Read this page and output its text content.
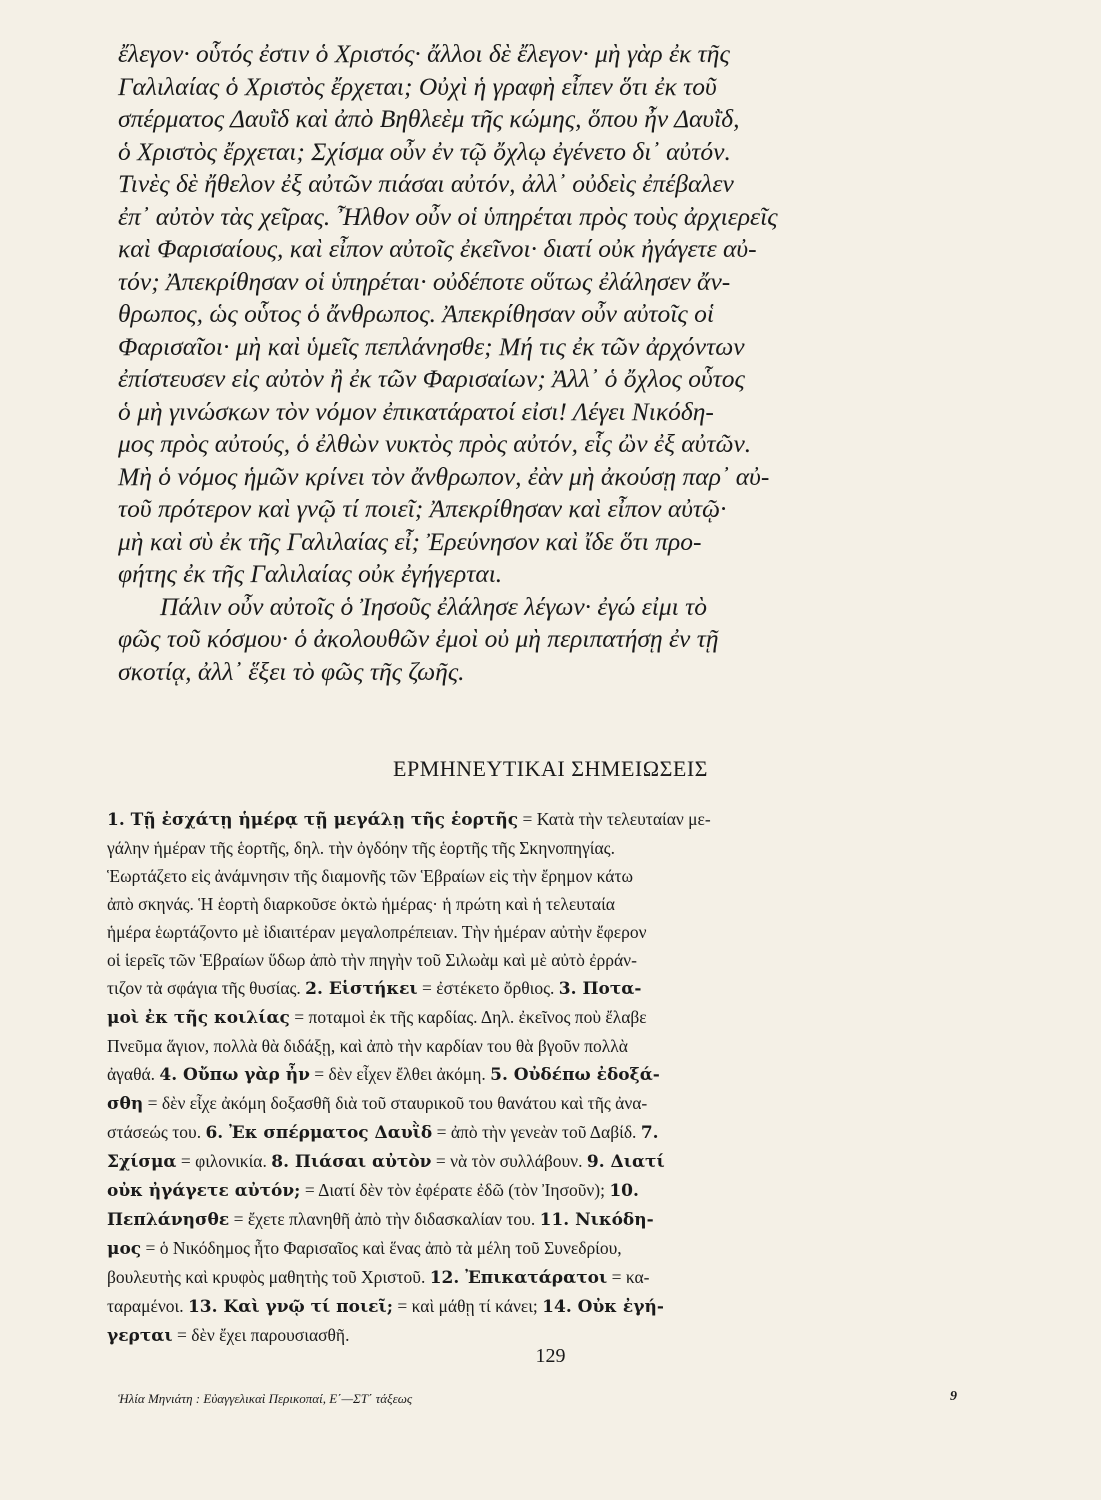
ἔλεγον· οὗτός ἐστιν ὁ Χριστός· ἄλλοι δὲ ἔλεγον· μὴ γὰρ ἐκ τῆς
Γαλιλαίας ὁ Χριστὸς ἔρχεται; Οὐχὶ ἡ γραφὴ εἶπεν ὅτι ἐκ τοῦ
σπέρματος Δαυῒδ καὶ ἀπὸ Βηθλεὲμ τῆς κώμης, ὅπου ἦν Δαυῒδ,
ὁ Χριστὸς ἔρχεται; Σχίσμα οὖν ἐν τῷ ὄχλῳ ἐγένετο δι᾿ αὐτόν.
Τινὲς δὲ ἤθελον ἐξ αὐτῶν πιάσαι αὐτόν, ἀλλ᾿ οὐδεὶς ἐπέβαλεν
ἐπ᾿ αὐτὸν τὰς χεῖρας. Ἦλθον οὖν οἱ ὑπηρέται πρὸς τοὺς ἀρχιερεῖς
καὶ Φαρισαίους, καὶ εἶπον αὐτοῖς ἐκεῖνοι· διατί οὐκ ἠγάγετε αὐ-
τόν; Ἀπεκρίθησαν οἱ ὑπηρέται· οὐδέποτε οὕτως ἐλάλησεν ἄν-
θρωπος, ὡς οὗτος ὁ ἄνθρωπος. Ἀπεκρίθησαν οὖν αὐτοῖς οἱ
Φαρισαῖοι· μὴ καὶ ὑμεῖς πεπλάνησθε; Μή τις ἐκ τῶν ἀρχόντων
ἐπίστευσεν εἰς αὐτὸν ἢ ἐκ τῶν Φαρισαίων; Ἀλλ᾿ ὁ ὄχλος οὗτος
ὁ μὴ γινώσκων τὸν νόμον ἐπικατάρατοί εἰσι! Λέγει Νικόδη-
μος πρὸς αὐτούς, ὁ ἐλθὼν νυκτὸς πρὸς αὐτόν, εἷς ὢν ἐξ αὐτῶν.
Μὴ ὁ νόμος ἡμῶν κρίνει τὸν ἄνθρωπον, ἐὰν μὴ ἀκούσῃ παρ᾿ αὐ-
τοῦ πρότερον καὶ γνῷ τί ποιεῖ; Ἀπεκρίθησαν καὶ εἶπον αὐτῷ·
μὴ καὶ σὺ ἐκ τῆς Γαλιλαίας εἶ; Ἐρεύνησον καὶ ἴδε ὅτι προ-
φήτης ἐκ τῆς Γαλιλαίας οὐκ ἐγήγερται.
Πάλιν οὖν αὐτοῖς ὁ Ἰησοῦς ἐλάλησε λέγων· ἐγώ εἰμι τὸ
φῶς τοῦ κόσμου· ὁ ἀκολουθῶν ἐμοὶ οὐ μὴ περιπατήσῃ ἐν τῇ
σκοτίᾳ, ἀλλ᾿ ἕξει τὸ φῶς τῆς ζωῆς.
ΕΡΜΗΝΕΥΤΙΚΑΙ ΣΗΜΕΙΩΣΕΙΣ
1. Τῇ ἐσχάτῃ ἡμέρᾳ τῇ μεγάλῃ τῆς ἑορτῆς = Κατὰ τὴν τελευταίαν με-
γάλην ἡμέραν τῆς ἑορτῆς, δηλ. τὴν ὀγδόην τῆς ἑορτῆς τῆς Σκηνοπηγίας.
Ἑωρτάζετο εἰς ἀνάμνησιν τῆς διαμονῆς τῶν Ἑβραίων εἰς τὴν ἔρημον κάτω
ἀπὸ σκηνάς. Ἡ ἑορτὴ διαρκοῦσε ὀκτὼ ἡμέρας· ἡ πρώτη καὶ ἡ τελευταία
ἡμέρα ἑωρτάζοντο μὲ ἰδιαιτέραν μεγαλοπρέπειαν. Τὴν ἡμέραν αὐτὴν ἔφερον
οἱ ἱερεῖς τῶν Ἑβραίων ὕδωρ ἀπὸ τὴν πηγὴν τοῦ Σιλωὰμ καὶ μὲ αὐτὸ ἐρράν-
τιζον τὰ σφάγια τῆς θυσίας. 2. Εἱστήκει = ἐστέκετο ὄρθιος. 3. Ποτα-
μοὶ ἐκ τῆς κοιλίας = ποταμοὶ ἐκ τῆς καρδίας. Δηλ. ἐκεῖνος ποὺ ἔλαβε
Πνεῦμα ἅγιον, πολλὰ θὰ διδάξῃ, καὶ ἀπὸ τὴν καρδίαν του θὰ βγοῦν πολλὰ
ἀγαθά. 4. Οὔπω γὰρ ἦν = δὲν εἶχεν ἔλθει ἀκόμη. 5. Οὐδέπω ἐδοξά-
σθη = δὲν εἶχε ἀκόμη δοξασθῆ διὰ τοῦ σταυρικοῦ του θανάτου καὶ τῆς ἀνα-
στάσεώς του. 6. Ἐκ σπέρματος Δαυῒδ = ἀπὸ τὴν γενεὰν τοῦ Δαβίδ. 7.
Σχίσμα = φιλονικία. 8. Πιάσαι αὐτὸν = νὰ τὸν συλλάβουν. 9. Διατί
οὐκ ἠγάγετε αὐτόν; = Διατί δὲν τὸν ἐφέρατε ἐδῶ (τὸν Ἰησοῦν); 10.
Πεπλάνησθε = ἔχετε πλανηθῆ ἀπὸ τὴν διδασκαλίαν του. 11. Νικόδη-
μος = ὁ Νικόδημος ἦτο Φαρισαῖος καὶ ἕνας ἀπὸ τὰ μέλη τοῦ Συνεδρίου,
βουλευτὴς καὶ κρυφὸς μαθητὴς τοῦ Χριστοῦ. 12. Ἐπικατάρατοι = κα-
ταραμένοι. 13. Καὶ γνῷ τί ποιεῖ; = καὶ μάθῃ τί κάνει; 14. Οὐκ ἐγή-
γερται = δὲν ἔχει παρουσιασθῆ.
129
Ἡλία Μηνιάτη : Εὐαγγελικαὶ Περικοπαί, Ε΄—ΣΤ΄ τάξεως	9
